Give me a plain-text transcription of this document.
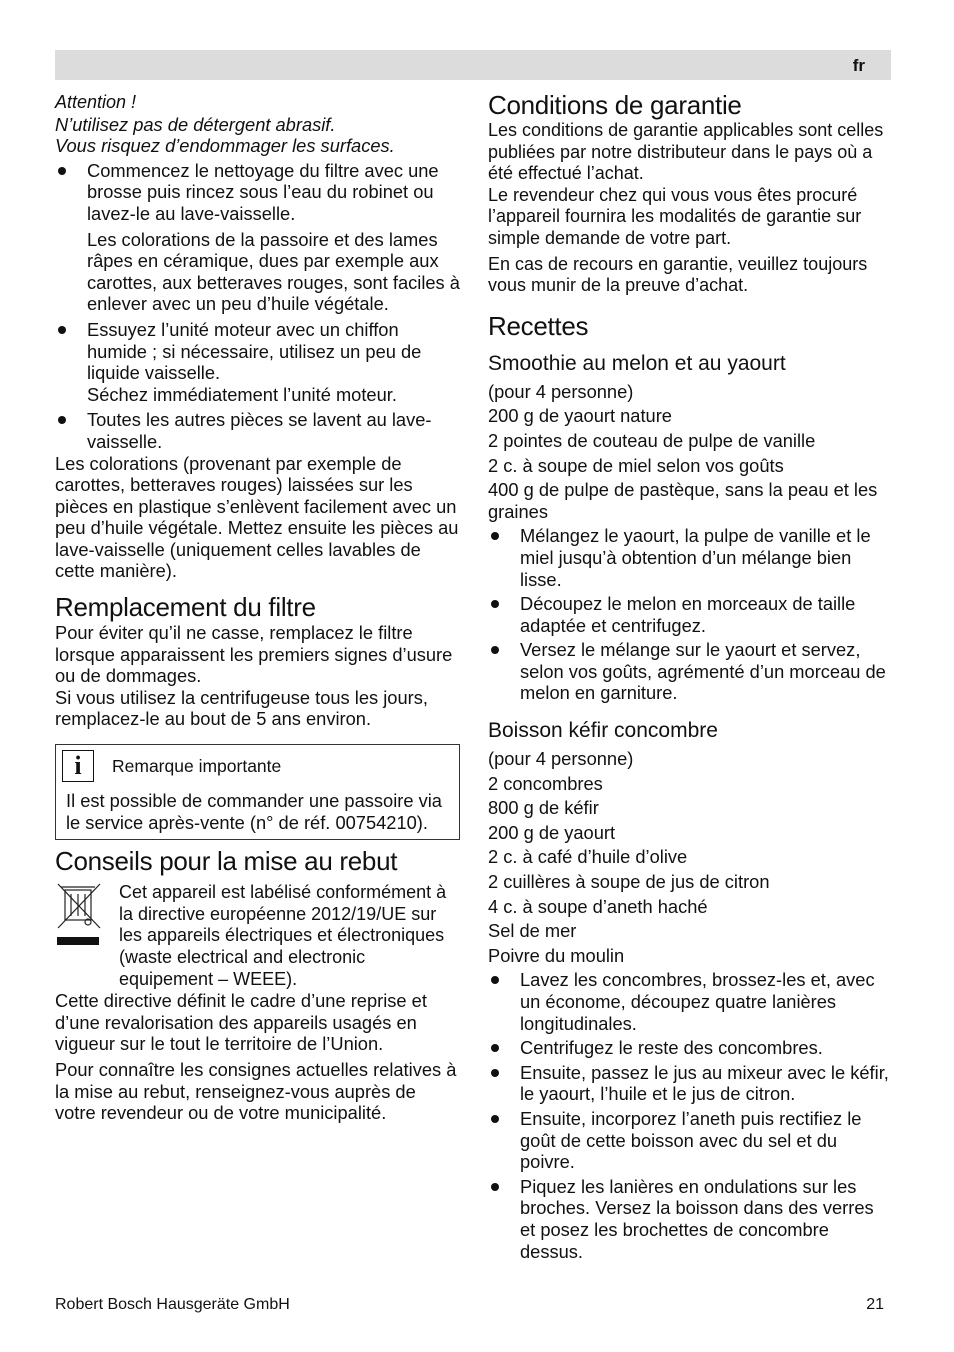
fr

Attention !

N’utilisez pas de détergent abrasif.

Vous risquez d’endommager les surfaces.

Commencez le nettoyage du filtre avec une brosse puis rincez sous l’eau du robinet ou lavez-le au lave-vaisselle.

Les colorations de la passoire et des lames râpes en céramique, dues par exemple aux carottes, aux betteraves rouges, sont faciles à enlever avec un peu d’huile végétale.

Essuyez l’unité moteur avec un chiffon humide ; si nécessaire, utilisez un peu de liquide vaisselle.

Séchez immédiatement l’unité moteur.

Toutes les autres pièces se lavent au lave-vaisselle.

Les colorations (provenant par exemple de carottes, betteraves rouges) laissées sur les pièces en plastique s’enlèvent facilement avec un peu d’huile végétale. Mettez ensuite les pièces au lave-vaisselle (uniquement celles lavables de cette manière).

Remplacement du filtre

Pour éviter qu’il ne casse, remplacez le filtre lorsque apparaissent les premiers signes d’usure ou de dommages.

Si vous utilisez la centrifugeuse tous les jours, remplacez-le au bout de 5 ans environ.

i	Remarque importante

Il est possible de commander une passoire via le service après-vente (n° de réf. 00754210).

Conseils pour la mise au rebut

Cet appareil est labélisé conformément à la directive européenne 2012/19/UE sur les appareils électriques et électroniques (waste electrical and electronic equipement – WEEE).

Cette directive définit le cadre d’une reprise et d’une revalorisation des appareils usagés en vigueur sur le tout le territoire de l’Union.

Pour connaître les consignes actuelles relatives à la mise au rebut, renseignez-vous auprès de votre revendeur ou de votre municipalité.

Conditions de garantie

Les conditions de garantie applicables sont celles publiées par notre distributeur dans le pays où a été effectué l’achat.

Le revendeur chez qui vous vous êtes procuré l’appareil fournira les modalités de garantie sur simple demande de votre part.

En cas de recours en garantie, veuillez toujours vous munir de la preuve d’achat.

Recettes
Smoothie au melon et au yaourt

(pour 4 personne)

200 g de yaourt nature

2 pointes de couteau de pulpe de vanille

2 c. à soupe de miel selon vos goûts

400 g de pulpe de pastèque, sans la peau et les graines

Mélangez le yaourt, la pulpe de vanille et le miel jusqu’à obtention d’un mélange bien lisse.
Découpez le melon en morceaux de taille adaptée et centrifugez.
Versez le mélange sur le yaourt et servez, selon vos goûts, agrémenté d’un morceau de melon en garniture.
Boisson kéfir concombre

(pour 4 personne)

2 concombres

800 g de kéfir

200 g de yaourt

2 c. à café d’huile d’olive

2 cuillères à soupe de jus de citron

4 c. à soupe d’aneth haché

Sel de mer

Poivre du moulin

Lavez les concombres, brossez-les et, avec un économe, découpez quatre lanières longitudinales.
Centrifugez le reste des concombres.
Ensuite, passez le jus au mixeur avec le kéfir, le yaourt, l’huile et le jus de citron.
Ensuite, incorporez l’aneth puis rectifiez le goût de cette boisson avec du sel et du poivre.
Piquez les lanières en ondulations sur les broches. Versez la boisson dans des verres et posez les brochettes de concombre dessus.
Robert Bosch Hausgeräte GmbH	21
